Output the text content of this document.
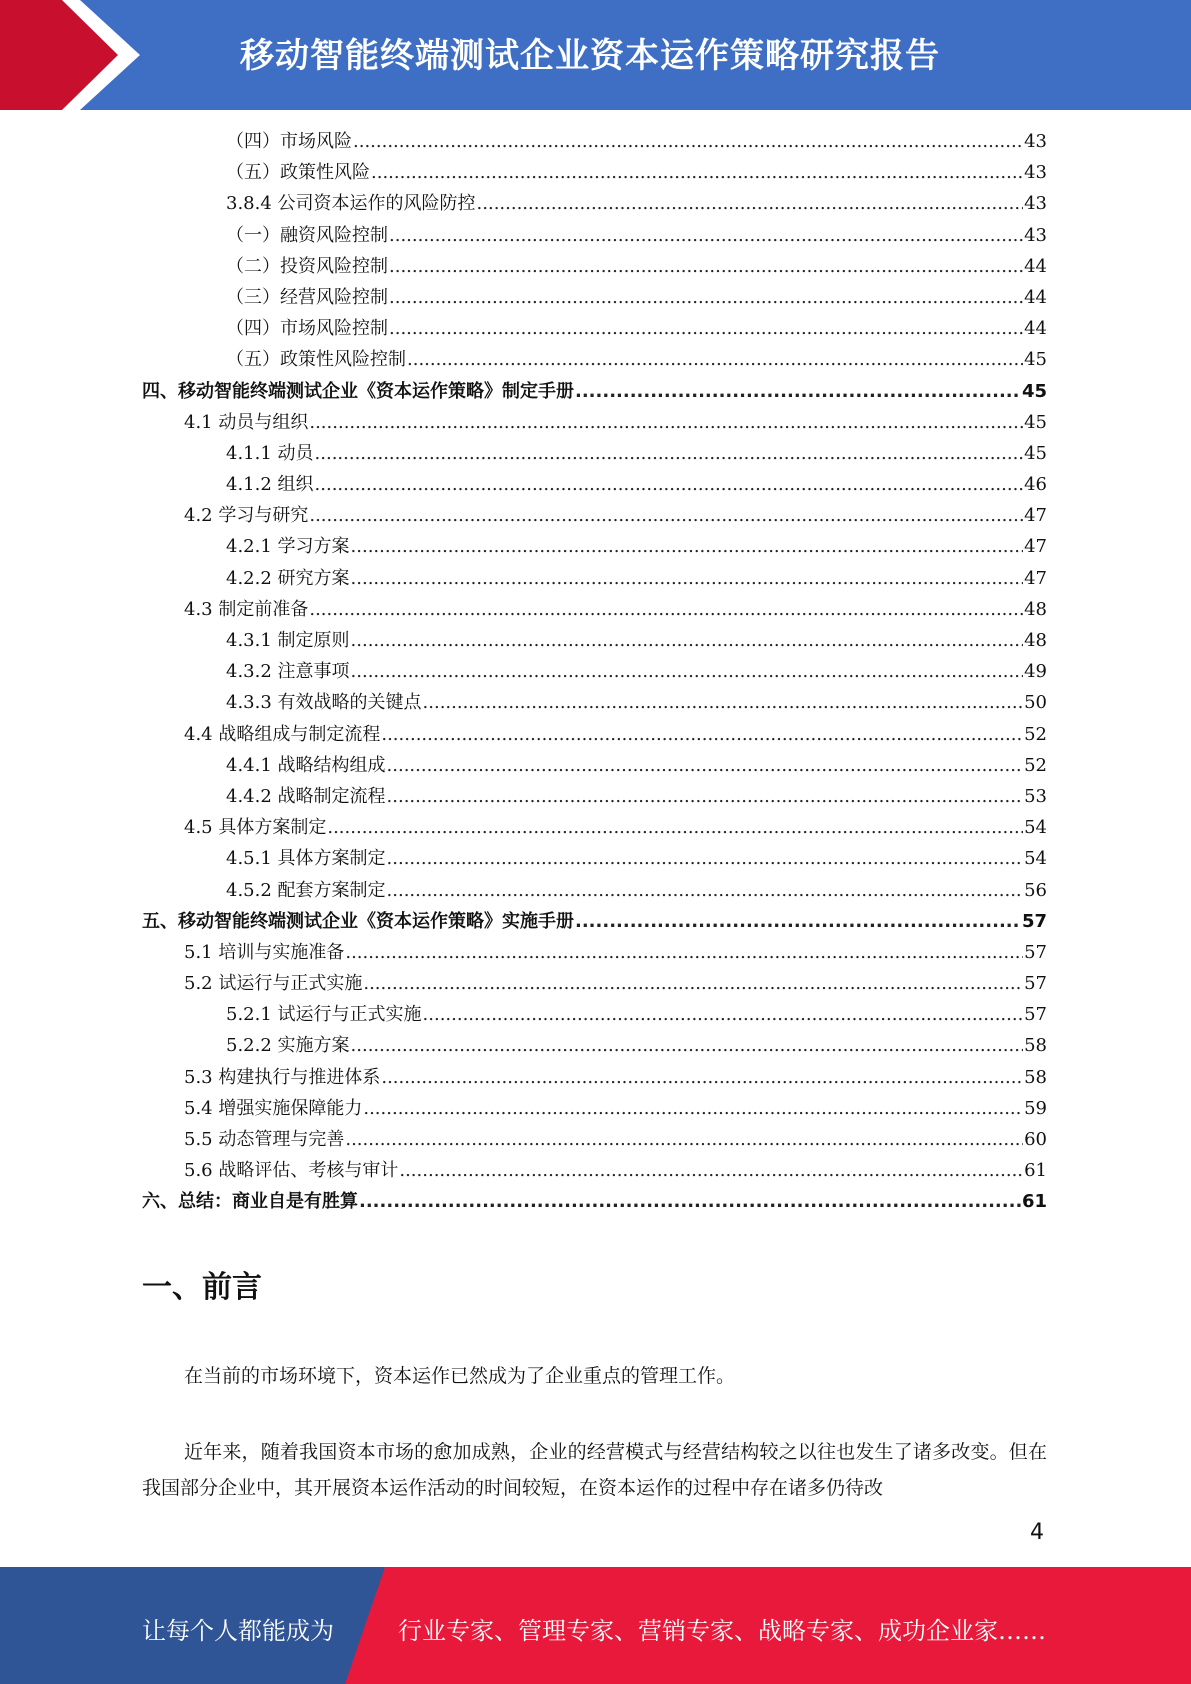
移动智能终端测试企业资本运作策略研究报告
（四）市场风险 .....	43
（五）政策性风险 .....	43
3.8.4 公司资本运作的风险防控 .....	43
（一）融资风险控制 .....	43
（二）投资风险控制 .....	44
（三）经营风险控制 .....	44
（四）市场风险控制 .....	44
（五）政策性风险控制 .....	45
四、移动智能终端测试企业《资本运作策略》制定手册 .....	45
4.1 动员与组织 .....	45
4.1.1 动员 .....	45
4.1.2 组织 .....	46
4.2 学习与研究 .....	47
4.2.1 学习方案 .....	47
4.2.2 研究方案 .....	47
4.3 制定前准备 .....	48
4.3.1 制定原则 .....	48
4.3.2 注意事项 .....	49
4.3.3 有效战略的关键点 .....	50
4.4 战略组成与制定流程 .....	52
4.4.1 战略结构组成 .....	52
4.4.2 战略制定流程 .....	53
4.5 具体方案制定 .....	54
4.5.1 具体方案制定 .....	54
4.5.2 配套方案制定 .....	56
五、移动智能终端测试企业《资本运作策略》实施手册 .....	57
5.1 培训与实施准备 .....	57
5.2 试运行与正式实施 .....	57
5.2.1 试运行与正式实施 .....	57
5.2.2 实施方案 .....	58
5.3 构建执行与推进体系 .....	58
5.4 增强实施保障能力 .....	59
5.5 动态管理与完善 .....	60
5.6 战略评估、考核与审计 .....	61
六、总结：商业自是有胜算 .....	61
一、前言

在当前的市场环境下，资本运作已然成为了企业重点的管理工作。

近年来，随着我国资本市场的愈加成熟，企业的经营模式与经营结构较之以往也发生了诸多改变。但在我国部分企业中，其开展资本运作活动的时间较短，在资本运作的过程中存在诸多仍待改

4
让每个人都能成为	行业专家、管理专家、营销专家、战略专家、成功企业家……
